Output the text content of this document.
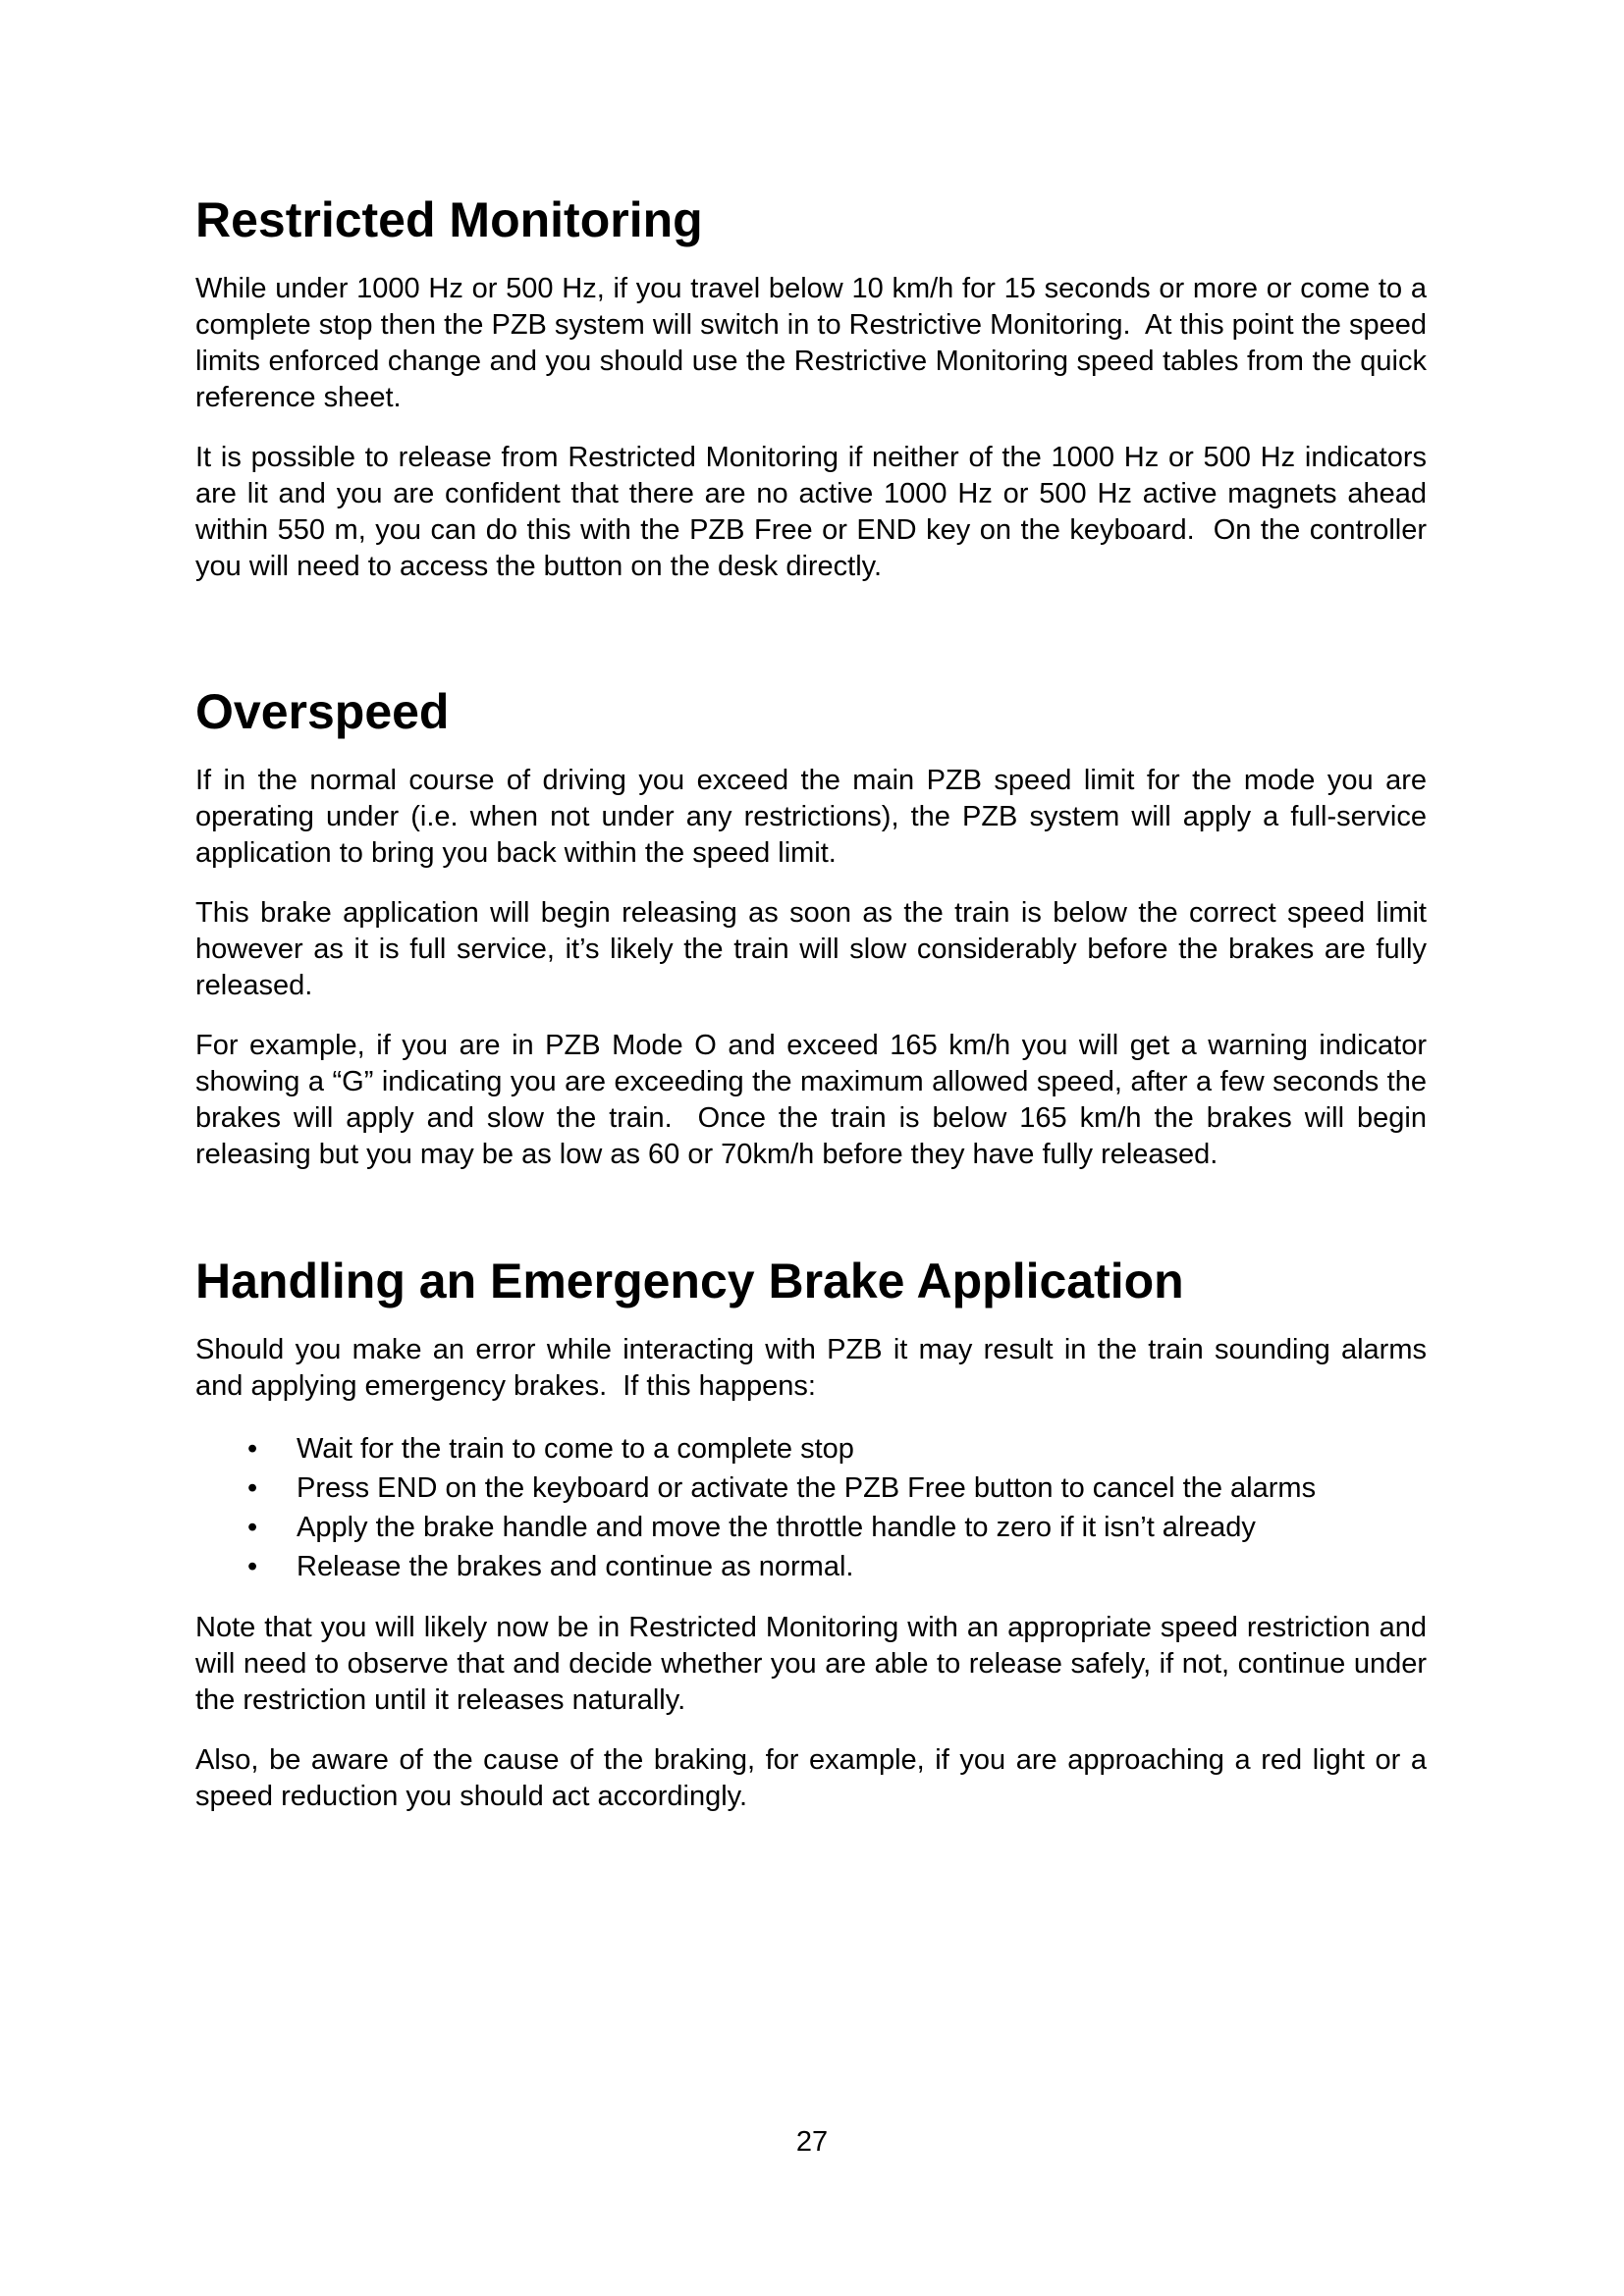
Restricted Monitoring

While under 1000 Hz or 500 Hz, if you travel below 10 km/h for 15 seconds or more or come to a complete stop then the PZB system will switch in to Restrictive Monitoring.  At this point the speed limits enforced change and you should use the Restrictive Monitoring speed tables from the quick reference sheet.

It is possible to release from Restricted Monitoring if neither of the 1000 Hz or 500 Hz indicators are lit and you are confident that there are no active 1000 Hz or 500 Hz active magnets ahead within 550 m, you can do this with the PZB Free or END key on the keyboard.  On the controller you will need to access the button on the desk directly.

Overspeed

If in the normal course of driving you exceed the main PZB speed limit for the mode you are operating under (i.e. when not under any restrictions), the PZB system will apply a full-service application to bring you back within the speed limit.

This brake application will begin releasing as soon as the train is below the correct speed limit however as it is full service, it’s likely the train will slow considerably before the brakes are fully released.

For example, if you are in PZB Mode O and exceed 165 km/h you will get a warning indicator showing a “G” indicating you are exceeding the maximum allowed speed, after a few seconds the brakes will apply and slow the train.  Once the train is below 165 km/h the brakes will begin releasing but you may be as low as 60 or 70km/h before they have fully released.

Handling an Emergency Brake Application

Should you make an error while interacting with PZB it may result in the train sounding alarms and applying emergency brakes.  If this happens:

• Wait for the train to come to a complete stop
• Press END on the keyboard or activate the PZB Free button to cancel the alarms
• Apply the brake handle and move the throttle handle to zero if it isn’t already
• Release the brakes and continue as normal.

Note that you will likely now be in Restricted Monitoring with an appropriate speed restriction and will need to observe that and decide whether you are able to release safely, if not, continue under the restriction until it releases naturally.

Also, be aware of the cause of the braking, for example, if you are approaching a red light or a speed reduction you should act accordingly.

27
